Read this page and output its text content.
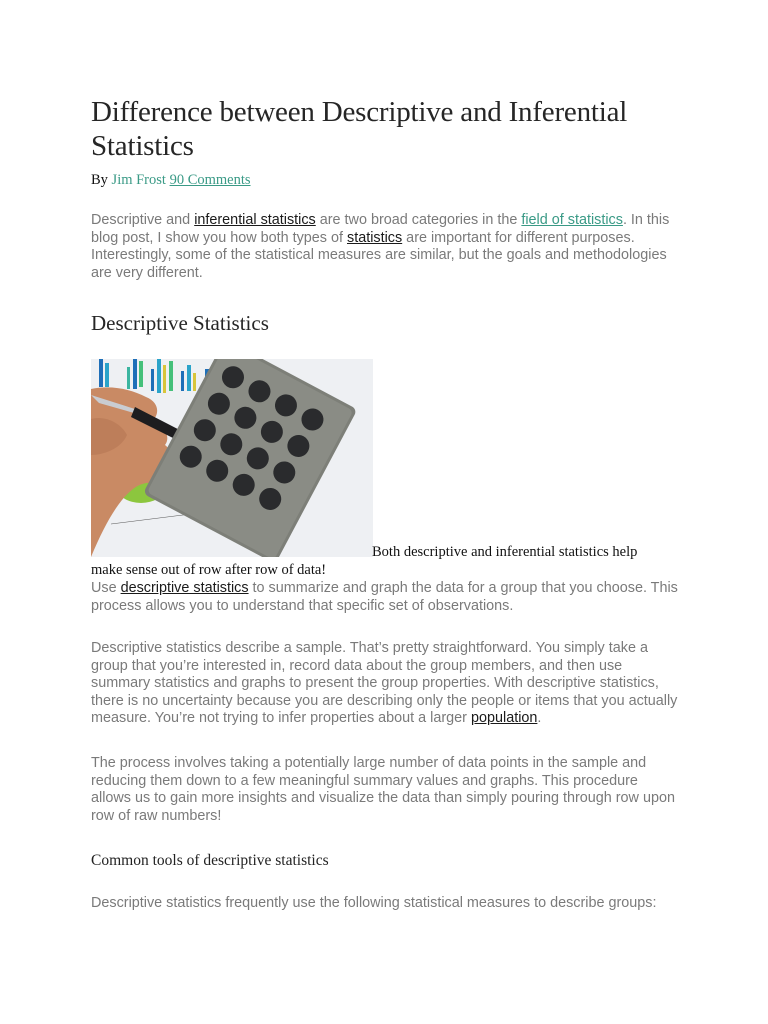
Difference between Descriptive and Inferential Statistics
By Jim Frost 90 Comments

Descriptive and inferential statistics are two broad categories in the field of statistics. In this blog post, I show you how both types of statistics are important for different purposes. Interestingly, some of the statistical measures are similar, but the goals and methodologies are very different.

Descriptive Statistics
Both descriptive and inferential statistics help make sense out of row after row of data!

Use descriptive statistics to summarize and graph the data for a group that you choose. This process allows you to understand that specific set of observations.

Descriptive statistics describe a sample. That’s pretty straightforward. You simply take a group that you’re interested in, record data about the group members, and then use summary statistics and graphs to present the group properties. With descriptive statistics, there is no uncertainty because you are describing only the people or items that you actually measure. You’re not trying to infer properties about a larger population.

The process involves taking a potentially large number of data points in the sample and reducing them down to a few meaningful summary values and graphs. This procedure allows us to gain more insights and visualize the data than simply pouring through row upon row of raw numbers!

Common tools of descriptive statistics

Descriptive statistics frequently use the following statistical measures to describe groups:
